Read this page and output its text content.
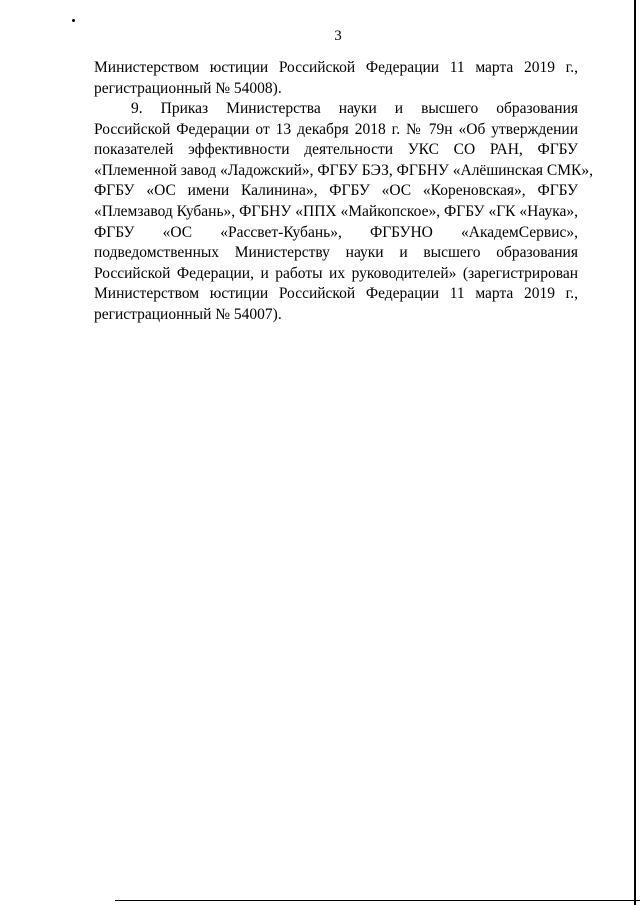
3
Министерством юстиции Российской Федерации 11 марта 2019 г.,
регистрационный № 54008).
9. Приказ Министерства науки и высшего образования
Российской Федерации от 13 декабря 2018 г. № 79н «Об утверждении
показателей эффективности деятельности УКС СО РАН, ФГБУ
«Племенной завод «Ладожский», ФГБУ БЭЗ, ФГБНУ «Алёшинская СМК»,
ФГБУ «ОС имени Калинина», ФГБУ «ОС «Кореновская», ФГБУ
«Племзавод Кубань», ФГБНУ «ППХ «Майкопское», ФГБУ «ГК «Наука»,
ФГБУ «ОС «Рассвет-Кубань», ФГБУНО «АкадемСервис»,
подведомственных Министерству науки и высшего образования
Российской Федерации, и работы их руководителей» (зарегистрирован
Министерством юстиции Российской Федерации 11 марта 2019 г.,
регистрационный № 54007).
